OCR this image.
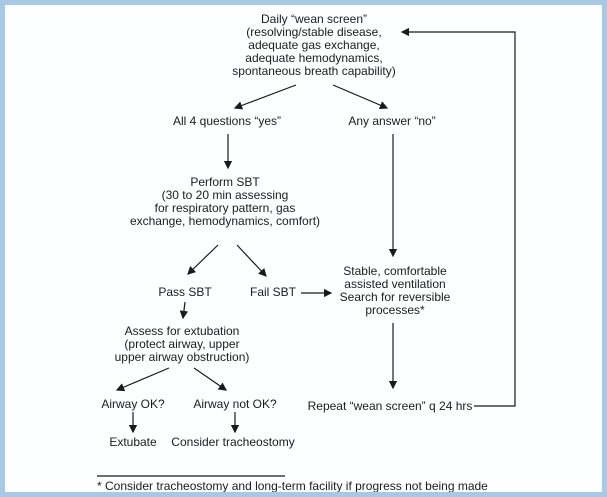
Daily “wean screen”
(resolving/stable disease,
adequate gas exchange,
adequate hemodynamics,
spontaneous breath capability)
All 4 questions “yes”	Any answer “no”
Perform SBT
(30 to 20 min assessing
for respiratory pattern, gas
exchange, hemodynamics, comfort)
Pass SBT	Fail SBT
Stable, comfortable
assisted ventilation
Search for reversible
processes*
Assess for extubation
(protect airway, upper
upper airway obstruction)
Airway OK? Airway not OK?
Extubate Consider tracheostomy
Repeat “wean screen” q 24 hrs
* Consider tracheostomy and long-term facility if progress not being made
